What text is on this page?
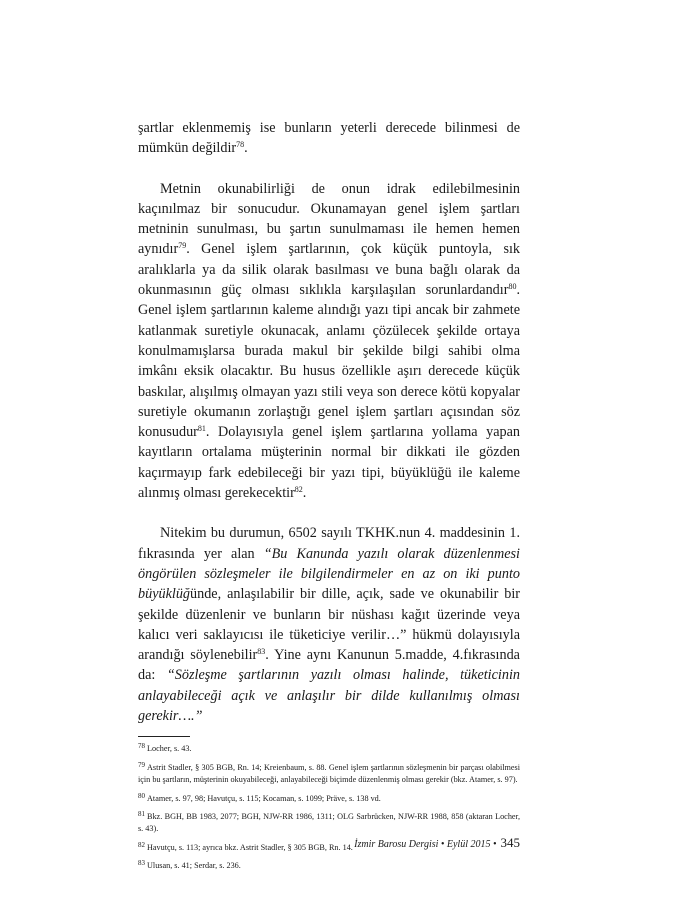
şartlar eklenmemiş ise bunların yeterli derecede bilinmesi de mümkün değildir$^{78}$.

Metnin okunabilirliği de onun idrak edilebilmesinin kaçınılmaz bir sonucudur. Okunamayan genel işlem şartları metninin sunulması, bu şartın sunulmaması ile hemen hemen aynıdır$^{79}$. Genel işlem şartlarının, çok küçük puntoyla, sık aralıklarla ya da silik olarak basılması ve buna bağlı olarak da okunmasının güç olması sıklıkla karşılaşılan sorunlardandır$^{80}$. Genel işlem şartlarının kaleme alındığı yazı tipi ancak bir zahmete katlanmak suretiyle okunacak, anlamı çözülecek şekilde ortaya konulmamışlarsa burada makul bir şekilde bilgi sahibi olma imkânı eksik olacaktır. Bu husus özellikle aşırı derecede küçük baskılar, alışılmış olmayan yazı stili veya son derece kötü kopyalar suretiyle okumanın zorlaştığı genel işlem şartları açısından söz konusudur$^{81}$. Dolayısıyla genel işlem şartlarına yollama yapan kayıtların ortalama müşterinin normal bir dikkati ile gözden kaçırmayıp fark edebileceği bir yazı tipi, büyüklüğü ile kaleme alınmış olması gerekecektir$^{82}$.

Nitekim bu durumun, 6502 sayılı TKHK.nun 4. maddesinin 1. fıkrasında yer alan “Bu Kanunda yazılı olarak düzenlenmesi öngörülen sözleşmeler ile bilgilendirmeler en az on iki punto büyüklüğünde, anlaşılabilir bir dille, açık, sade ve okunabilir bir şekilde düzenlenir ve bunların bir nüshası kağıt üzerinde veya kalıcı veri saklayıcısı ile tüketiciye verilir…” hükmü dolayısıyla arandığı söylenebilir$^{83}$. Yine aynı Kanunun 5.madde, 4.fıkrasında da: “Sözleşme şartlarının yazılı olması halinde, tüketicinin anlayabileceği açık ve anlaşılır bir dilde kullanılmış olması gerekir….”

$^{78}$ Locher, s. 43.

$^{79}$ Astrit Stadler, § 305 BGB, Rn. 14; Kreienbaum, s. 88. Genel işlem şartlarının sözleşmenin bir parçası olabilmesi için bu şartların, müşterinin okuyabileceği, anlayabileceği biçimde düzenlenmiş olması gerekir (bkz. Atamer, s. 97).

$^{80}$ Atamer, s. 97, 98; Havutçu, s. 115; Kocaman, s. 1099; Präve, s. 138 vd.

$^{81}$ Bkz. BGH, BB 1983, 2077; BGH, NJW-RR 1986, 1311; OLG Sarbrücken, NJW-RR 1988, 858 (aktaran Locher, s. 43).

$^{82}$ Havutçu, s. 113; ayrıca bkz. Astrit Stadler, § 305 BGB, Rn. 14.

$^{83}$ Ulusan, s. 41; Serdar, s. 236.

İzmir Barosu Dergisi • Eylül 2015 • 345
